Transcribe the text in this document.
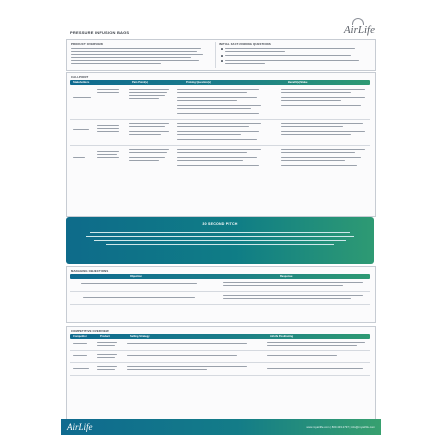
PRESSURE INFUSION BAGS	AirLife
PRODUCT OVERVIEW	INITIAL FACT-FINDING QUESTIONS
CALLPOINT
Stakeholders	Pain Point(s)	Probing Question(s)	Benefit(s)/Value
30 SECOND PITCH
MANAGING OBJECTIONS
Objection	Response
COMPETITIVE OVERVIEW
Competitor	Product	Selling Strategy	AirLife Positioning
AirLife	www.myairlife.com | 800.433.2797 | info@myairlife.com
